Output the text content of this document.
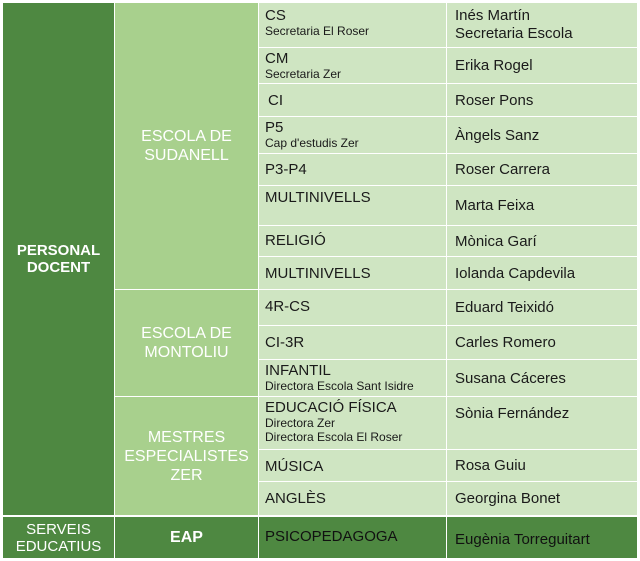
PERSONAL DOCENT
SERVEIS EDUCATIUS
ESCOLA DE SUDANELL
ESCOLA DE MONTOLIU
MESTRES ESPECIALISTES ZER
EAP
CS
Secretaria El Roser
CM
Secretaria Zer
CI
P5
Cap d'estudis Zer
P3-P4
MULTINIVELLS
RELIGIÓ
MULTINIVELLS
4R-CS
CI-3R
INFANTIL
Directora Escola Sant Isidre
EDUCACIÓ FÍSICA
Directora Zer
Directora Escola El Roser
MÚSICA
ANGLÈS
PSICOPEDAGOGA
Inés Martín
Secretaria Escola
Erika Rogel
Roser Pons
Àngels Sanz
Roser Carrera
Marta Feixa
Mònica Garí
Iolanda Capdevila
Eduard Teixidó
Carles Romero
Susana Cáceres
Sònia Fernández
Rosa Guiu
Georgina Bonet
Eugènia Torreguitart
